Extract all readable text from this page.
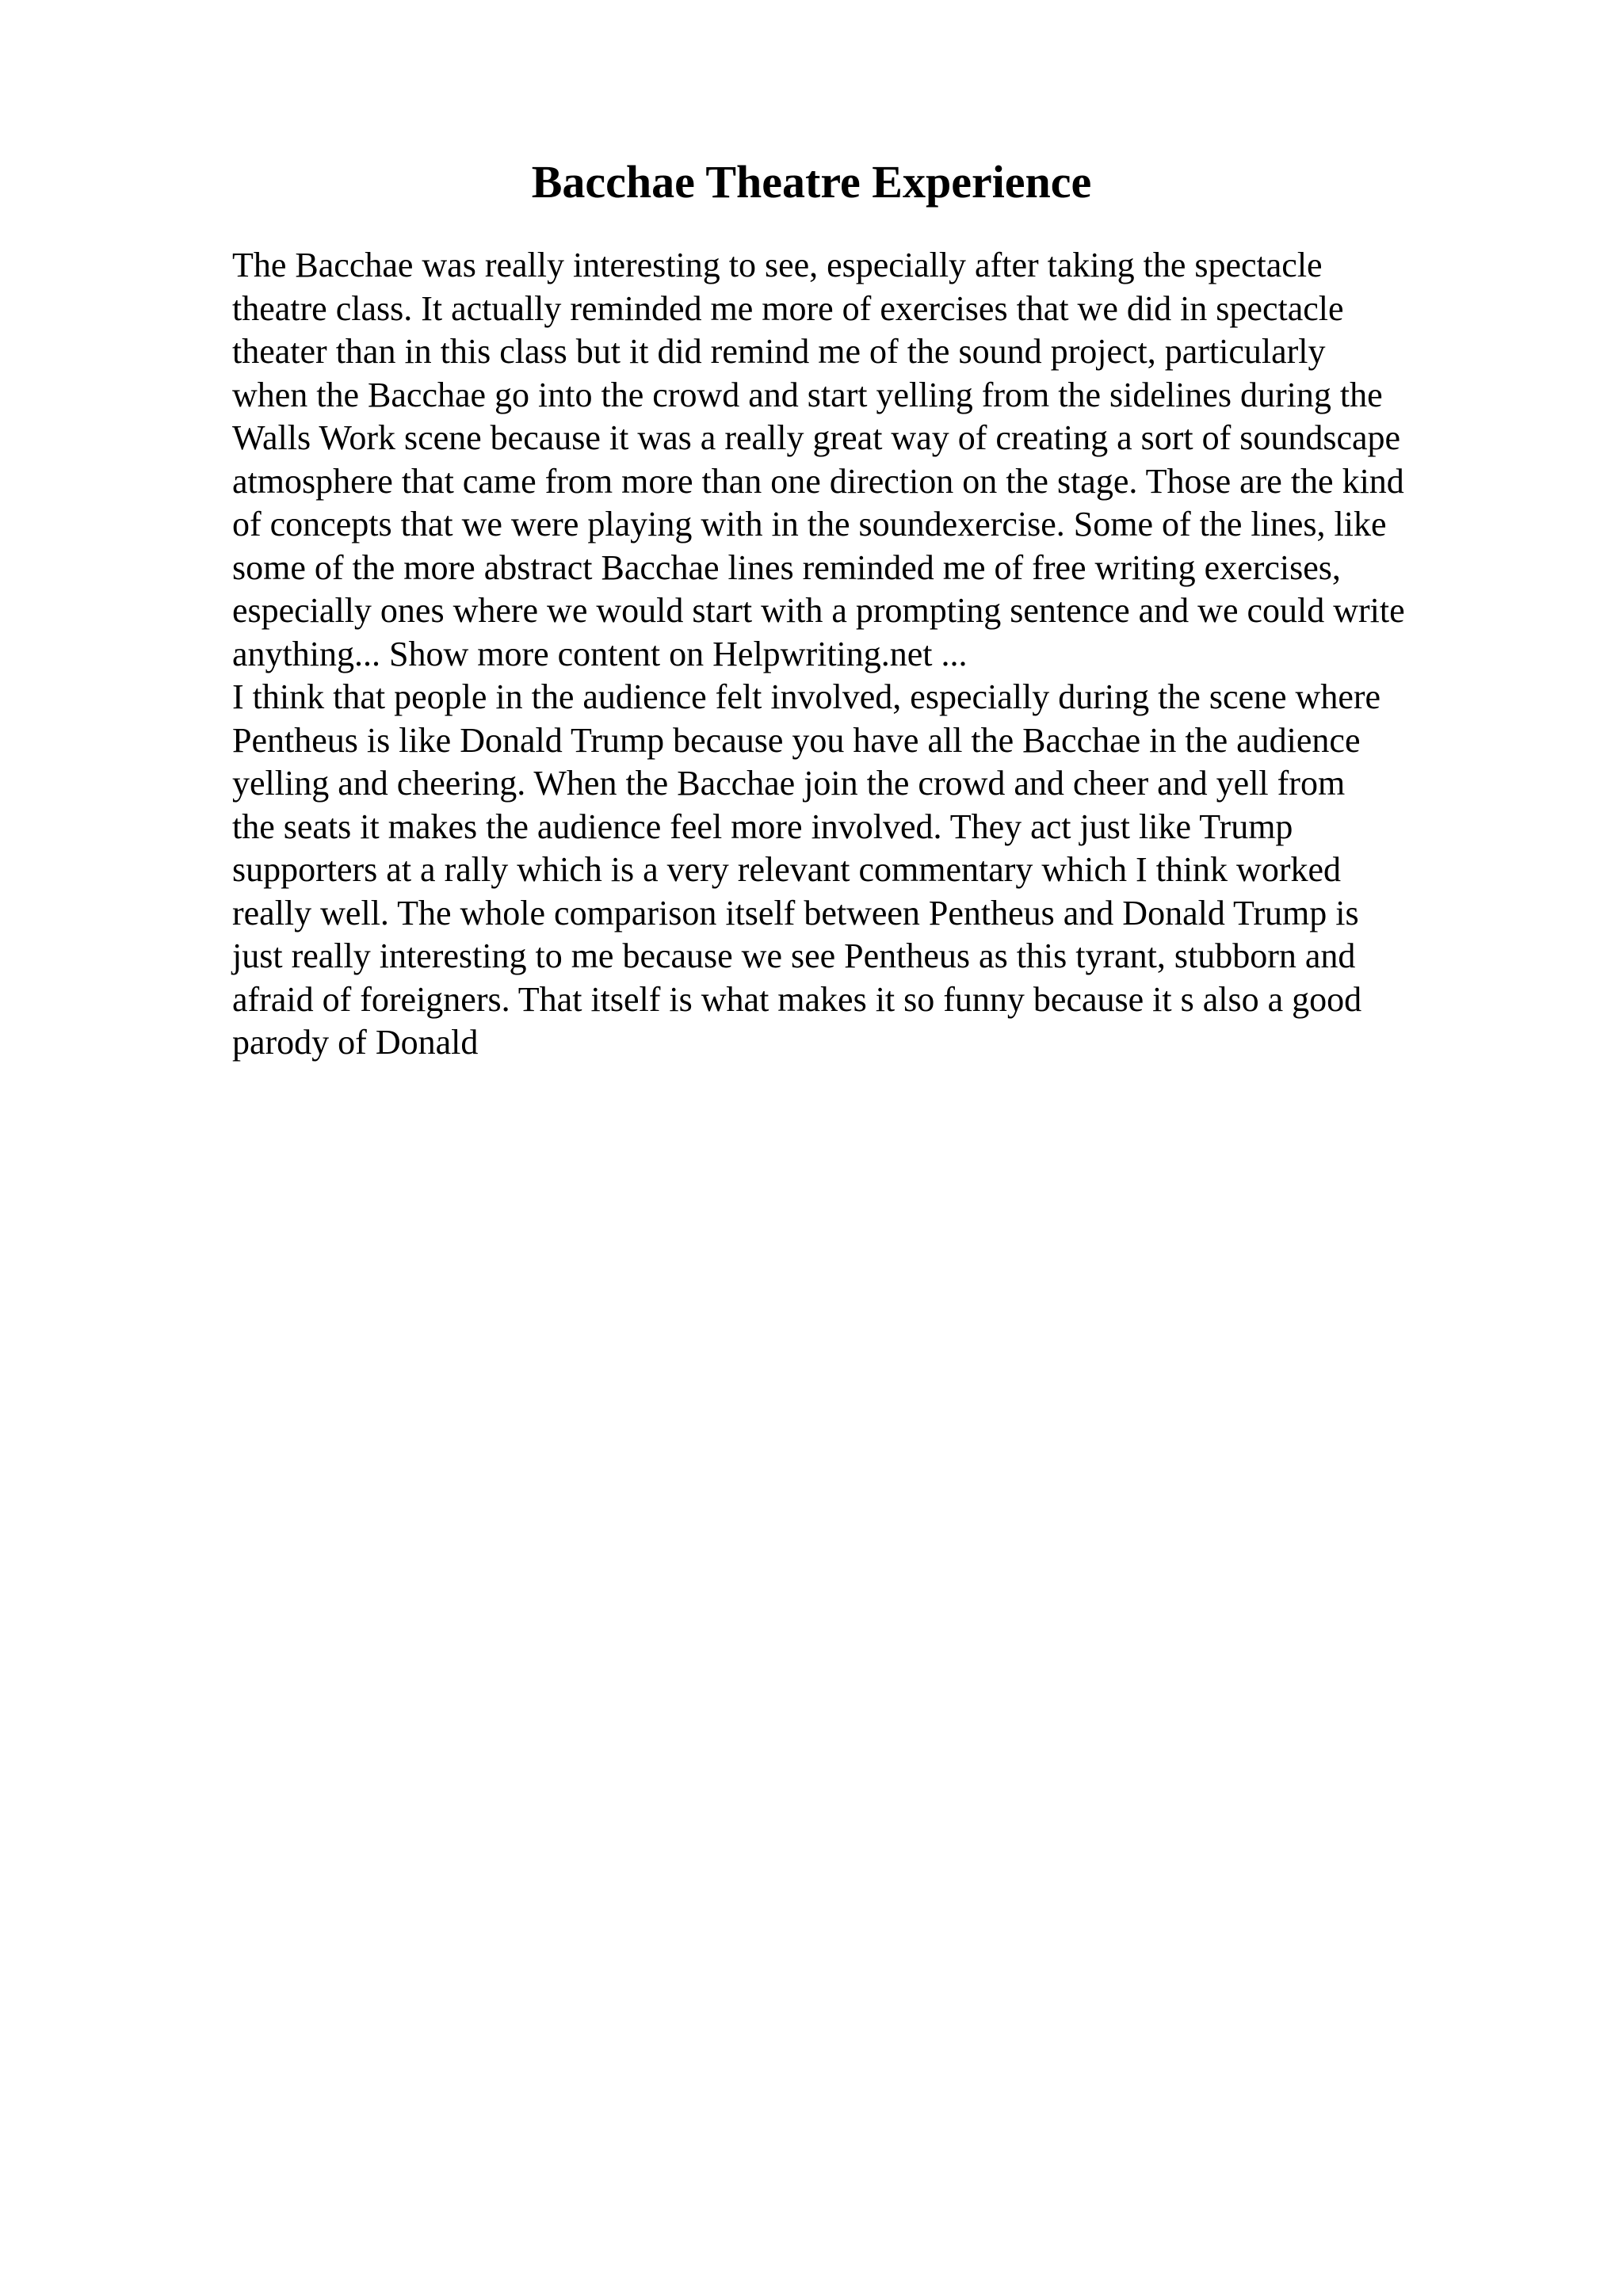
Bacchae Theatre Experience
The Bacchae was really interesting to see, especially after taking the spectacle
theatre class. It actually reminded me more of exercises that we did in spectacle
theater than in this class but it did remind me of the sound project, particularly
when the Bacchae go into the crowd and start yelling from the sidelines during the
Walls Work scene because it was a really great way of creating a sort of soundscape
atmosphere that came from more than one direction on the stage. Those are the kind
of concepts that we were playing with in the soundexercise. Some of the lines, like
some of the more abstract Bacchae lines reminded me of free writing exercises,
especially ones where we would start with a prompting sentence and we could write
anything... Show more content on Helpwriting.net ...
I think that people in the audience felt involved, especially during the scene where
Pentheus is like Donald Trump because you have all the Bacchae in the audience
yelling and cheering. When the Bacchae join the crowd and cheer and yell from
the seats it makes the audience feel more involved. They act just like Trump
supporters at a rally which is a very relevant commentary which I think worked
really well. The whole comparison itself between Pentheus and Donald Trump is
just really interesting to me because we see Pentheus as this tyrant, stubborn and
afraid of foreigners. That itself is what makes it so funny because it s also a good
parody of Donald
